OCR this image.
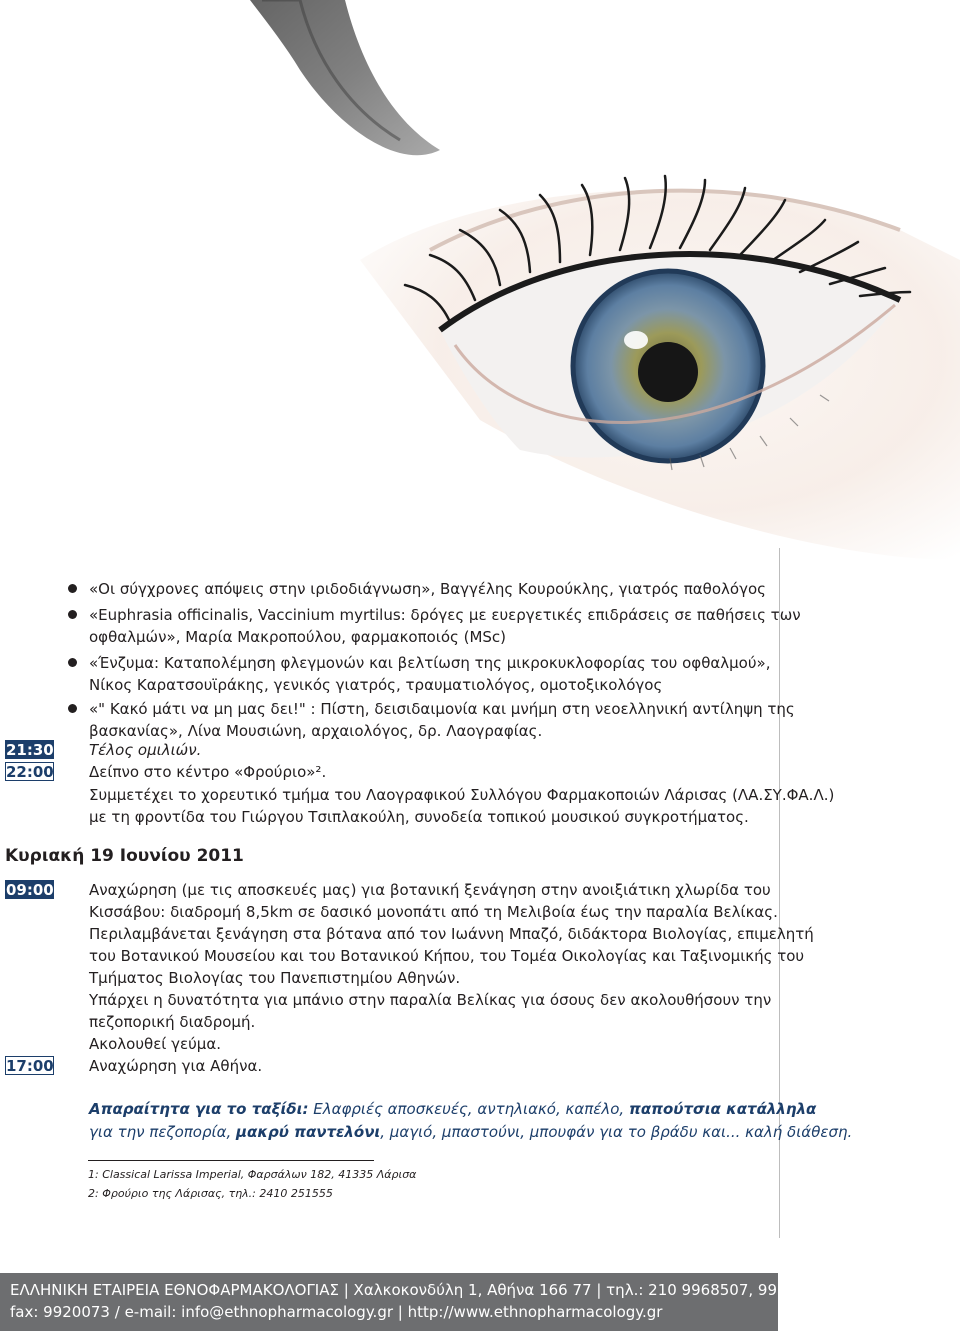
«Οι σύγχρονες απόψεις στην ιριδοδιάγνωση», Βαγγέλης Κουρούκλης, γιατρός παθολόγος
«Euphrasia officinalis, Vaccinium myrtilus: δρόγες με ευεργετικές επιδράσεις σε παθήσεις των
οφθαλμών», Μαρία Μακροπούλου, φαρμακοποιός (MSc)
«Ένζυμα: Καταπολέμηση φλεγμονών και βελτίωση της μικροκυκλοφορίας του οφθαλμού»,
Νίκος Καρατσουϊράκης, γενικός γιατρός, τραυματιολόγος, ομοτοξικολόγος
«" Κακό μάτι να μη μας δει!" : Πίστη, δεισιδαιμονία και μνήμη στη νεοελληνική αντίληψη της
βασκανίας», Λίνα Μουσιώνη, αρχαιολόγος, δρ. Λαογραφίας.
21:30 Τέλος ομιλιών.
22:00 Δείπνο στο κέντρο «Φρούριο»².
Συμμετέχει το χορευτικό τμήμα του Λαογραφικού Συλλόγου Φαρμακοποιών Λάρισας (ΛΑ.ΣΥ.ΦΑ.Λ.)
με τη φροντίδα του Γιώργου Τσιπλακούλη, συνοδεία τοπικού μουσικού συγκροτήματος.
Κυριακή 19 Ιουνίου 2011
09:00 Αναχώρηση (με τις αποσκευές μας) για βοτανική ξενάγηση στην ανοιξιάτικη χλωρίδα του
Κισσάβου: διαδρομή 8,5km σε δασικό μονοπάτι από τη Μελιβοία έως την παραλία Βελίκας.
Περιλαμβάνεται ξενάγηση στα βότανα από τον Ιωάννη Μπαζό, διδάκτορα Βιολογίας, επιμελητή
του Βοτανικού Μουσείου και του Βοτανικού Κήπου, του Τομέα Οικολογίας και Ταξινομικής του
Τμήματος Βιολογίας του Πανεπιστημίου Αθηνών.
Υπάρχει η δυνατότητα για μπάνιο στην παραλία Βελίκας για όσους δεν ακολουθήσουν την
πεζοπορική διαδρομή.
Ακολουθεί γεύμα.
17:00 Αναχώρηση για Αθήνα.
Απαραίτητα για το ταξίδι: Ελαφριές αποσκευές, αντηλιακό, καπέλο, παπούτσια κατάλληλα
για την πεζοπορία, μακρύ παντελόνι, μαγιό, μπαστούνι, μπουφάν για το βράδυ και... καλή διάθεση.
1: Classical Larissa Imperial, Φαρσάλων 182, 41335 Λάρισα
2: Φρούριο της Λάρισας, τηλ.: 2410 251555
ΕΛΛΗΝΙΚΗ ΕΤΑΙΡΕΙΑ ΕΘΝΟΦΑΡΜΑΚΟΛΟΓΙΑΣ | Χαλκοκονδύλη 1, Αθήνα 166 77 | τηλ.: 210 9968507, 9921200
fax: 9920073 / e-mail: info@ethnopharmacology.gr | http://www.ethnopharmacology.gr
